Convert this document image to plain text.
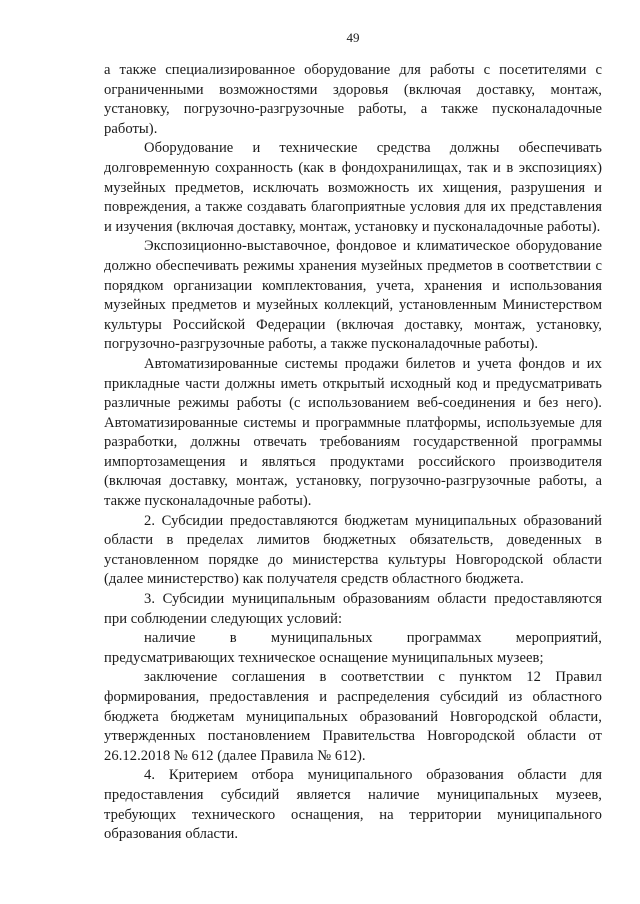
49

а также специализированное оборудование для работы с посетителями с ограниченными возможностями здоровья (включая доставку, монтаж, установку, погрузочно-разгрузочные работы, а также пусконаладочные работы).

Оборудование и технические средства должны обеспечивать долговременную сохранность (как в фондохранилищах, так и в экспозициях) музейных предметов, исключать возможность их хищения, разрушения и повреждения, а также создавать благоприятные условия для их представления и изучения (включая доставку, монтаж, установку и пусконаладочные работы).

Экспозиционно-выставочное, фондовое и климатическое оборудование должно обеспечивать режимы хранения музейных предметов в соответствии с порядком организации комплектования, учета, хранения и использования музейных предметов и музейных коллекций, установленным Министерством культуры Российской Федерации (включая доставку, монтаж, установку, погрузочно-разгрузочные работы, а также пусконаладочные работы).

Автоматизированные системы продажи билетов и учета фондов и их прикладные части должны иметь открытый исходный код и предусматривать различные режимы работы (с использованием веб-соединения и без него). Автоматизированные системы и программные платформы, используемые для разработки, должны отвечать требованиям государственной программы импортозамещения и являться продуктами российского производителя (включая доставку, монтаж, установку, погрузочно-разгрузочные работы, а также пусконаладочные работы).

2. Субсидии предоставляются бюджетам муниципальных образований области в пределах лимитов бюджетных обязательств, доведенных в установленном порядке до министерства культуры Новгородской области (далее министерство) как получателя средств областного бюджета.

3. Субсидии муниципальным образованиям области предоставляются при соблюдении следующих условий:

наличие в муниципальных программах мероприятий, предусматривающих техническое оснащение муниципальных музеев;

заключение соглашения в соответствии с пунктом 12 Правил формирования, предоставления и распределения субсидий из областного бюджета бюджетам муниципальных образований Новгородской области, утвержденных постановлением Правительства Новгородской области от 26.12.2018 № 612 (далее Правила № 612).

4. Критерием отбора муниципального образования области для предоставления субсидий является наличие муниципальных музеев, требующих технического оснащения, на территории муниципального образования области.
